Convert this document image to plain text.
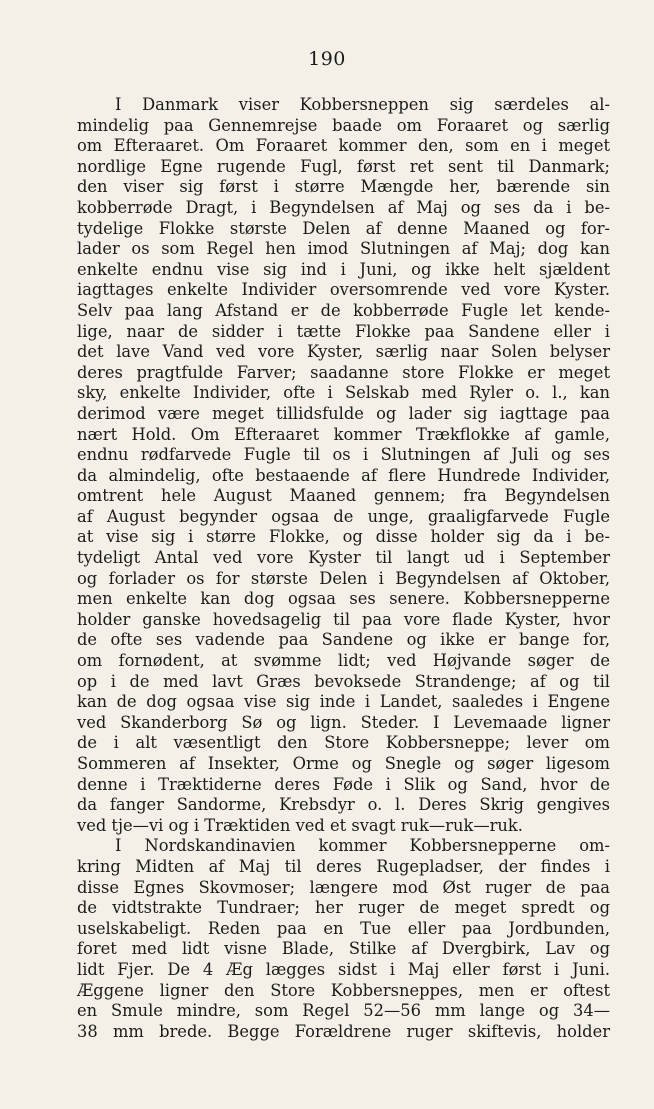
190
I Danmark viser Kobbersneppen sig særdeles al-
mindelig paa Gennemrejse baade om Foraaret og særlig
om Efteraaret. Om Foraaret kommer den, som en i meget
nordlige Egne rugende Fugl, først ret sent til Danmark;
den viser sig først i større Mængde her, bærende sin
kobberrøde Dragt, i Begyndelsen af Maj og ses da i be-
tydelige Flokke største Delen af denne Maaned og for-
lader os som Regel hen imod Slutningen af Maj; dog kan
enkelte endnu vise sig ind i Juni, og ikke helt sjældent
iagttages enkelte Individer oversomrende ved vore Kyster.
Selv paa lang Afstand er de kobberrøde Fugle let kende-
lige, naar de sidder i tætte Flokke paa Sandene eller i
det lave Vand ved vore Kyster, særlig naar Solen belyser
deres pragtfulde Farver; saadanne store Flokke er meget
sky, enkelte Individer, ofte i Selskab med Ryler o. l., kan
derimod være meget tillidsfulde og lader sig iagttage paa
nært Hold. Om Efteraaret kommer Trækflokke af gamle,
endnu rødfarvede Fugle til os i Slutningen af Juli og ses
da almindelig, ofte bestaaende af flere Hundrede Individer,
omtrent hele August Maaned gennem; fra Begyndelsen
af August begynder ogsaa de unge, graaligfarvede Fugle
at vise sig i større Flokke, og disse holder sig da i be-
tydeligt Antal ved vore Kyster til langt ud i September
og forlader os for største Delen i Begyndelsen af Oktober,
men enkelte kan dog ogsaa ses senere. Kobbersnepperne
holder ganske hovedsagelig til paa vore flade Kyster, hvor
de ofte ses vadende paa Sandene og ikke er bange for,
om fornødent, at svømme lidt; ved Højvande søger de
op i de med lavt Græs bevoksede Strandenge; af og til
kan de dog ogsaa vise sig inde i Landet, saaledes i Engene
ved Skanderborg Sø og lign. Steder. I Levemaade ligner
de i alt væsentligt den Store Kobbersneppe; lever om
Sommeren af Insekter, Orme og Snegle og søger ligesom
denne i Træktiderne deres Føde i Slik og Sand, hvor de
da fanger Sandorme, Krebsdyr o. l. Deres Skrig gengives
ved tje—vi og i Træktiden ved et svagt ruk—ruk—ruk.
I Nordskandinavien kommer Kobbersnepperne om-
kring Midten af Maj til deres Rugepladser, der findes i
disse Egnes Skovmoser; længere mod Øst ruger de paa
de vidtstrakte Tundraer; her ruger de meget spredt og
uselskabeligt. Reden paa en Tue eller paa Jordbunden,
foret med lidt visne Blade, Stilke af Dvergbirk, Lav og
lidt Fjer. De 4 Æg lægges sidst i Maj eller først i Juni.
Æggene ligner den Store Kobbersneppes, men er oftest
en Smule mindre, som Regel 52—56 mm lange og 34—
38 mm brede. Begge Forældrene ruger skiftevis, holder
